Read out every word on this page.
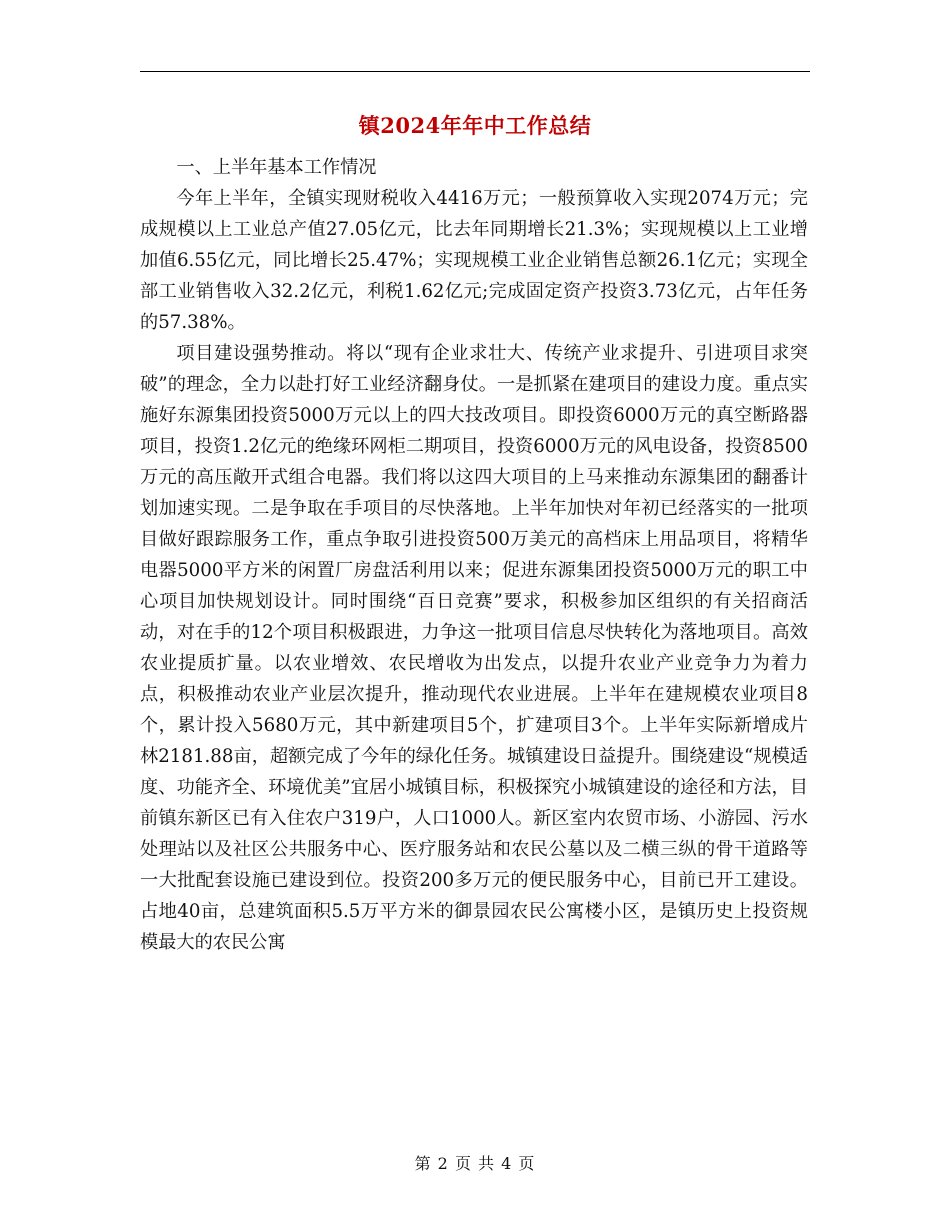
镇2024年年中工作总结

一、上半年基本工作情况

今年上半年，全镇实现财税收入4416万元；一般预算收入实现2074万元；完成规模以上工业总产值27.05亿元，比去年同期增长21.3%；实现规模以上工业增加值6.55亿元，同比增长25.47%；实现规模工业企业销售总额26.1亿元；实现全部工业销售收入32.2亿元，利税1.62亿元;完成固定资产投资3.73亿元，占年任务的57.38%。

项目建设强势推动。将以“现有企业求壮大、传统产业求提升、引进项目求突破”的理念，全力以赴打好工业经济翻身仗。一是抓紧在建项目的建设力度。重点实施好东源集团投资5000万元以上的四大技改项目。即投资6000万元的真空断路器项目，投资1.2亿元的绝缘环网柜二期项目，投资6000万元的风电设备，投资8500万元的高压敞开式组合电器。我们将以这四大项目的上马来推动东源集团的翻番计划加速实现。二是争取在手项目的尽快落地。上半年加快对年初已经落实的一批项目做好跟踪服务工作，重点争取引进投资500万美元的高档床上用品项目，将精华电器5000平方米的闲置厂房盘活利用以来；促进东源集团投资5000万元的职工中心项目加快规划设计。同时围绕“百日竞赛”要求，积极参加区组织的有关招商活动，对在手的12个项目积极跟进，力争这一批项目信息尽快转化为落地项目。高效农业提质扩量。以农业增效、农民增收为出发点，以提升农业产业竞争力为着力点，积极推动农业产业层次提升，推动现代农业进展。上半年在建规模农业项目8个，累计投入5680万元，其中新建项目5个，扩建项目3个。上半年实际新增成片林2181.88亩，超额完成了今年的绿化任务。城镇建设日益提升。围绕建设“规模适度、功能齐全、环境优美”宜居小城镇目标，积极探究小城镇建设的途径和方法，目前镇东新区已有入住农户319户，人口1000人。新区室内农贸市场、小游园、污水处理站以及社区公共服务中心、医疗服务站和农民公墓以及二横三纵的骨干道路等一大批配套设施已建设到位。投资200多万元的便民服务中心，目前已开工建设。占地40亩，总建筑面积5.5万平方米的御景园农民公寓楼小区，是镇历史上投资规模最大的农民公寓

第 2 页 共 4 页
